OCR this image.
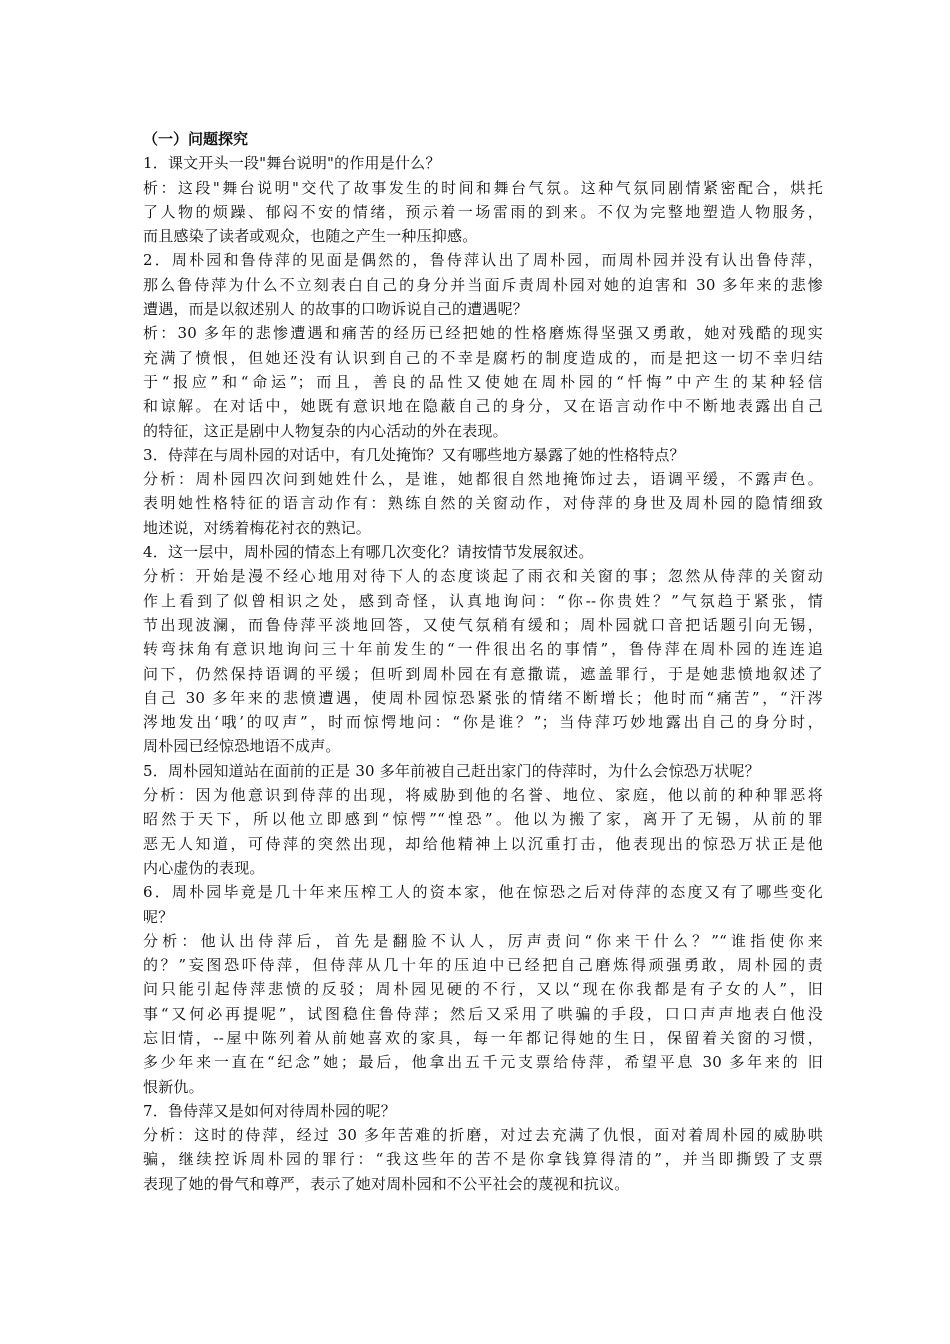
（一）问题探究

1．课文开头一段"舞台说明"的作用是什么？

析：这段"舞台说明"交代了故事发生的时间和舞台气氛。这种气氛同剧情紧密配合，烘托

了人物的烦躁、郁闷不安的情绪，预示着一场雷雨的到来。不仅为完整地塑造人物服务，

而且感染了读者或观众，也随之产生一种压抑感。

2．周朴园和鲁侍萍的见面是偶然的，鲁侍萍认出了周朴园，而周朴园并没有认出鲁侍萍，

那么鲁侍萍为什么不立刻表白自己的身分并当面斥责周朴园对她的迫害和 30 多年来的悲惨

遭遇，而是以叙述别人 的故事的口吻诉说自己的遭遇呢？

析：30 多年的悲惨遭遇和痛苦的经历已经把她的性格磨炼得坚强又勇敢，她对残酷的现实

充满了愤恨，但她还没有认识到自己的不幸是腐朽的制度造成的，而是把这一切不幸归结

于“报应”和“命运”；而且，善良的品性又使她在周朴园的“忏悔”中产生的某种轻信

和谅解。在对话中，她既有意识地在隐蔽自己的身分，又在语言动作中不断地表露出自己

的特征，这正是剧中人物复杂的内心活动的外在表现。

3．侍萍在与周朴园的对话中，有几处掩饰？又有哪些地方暴露了她的性格特点？

分析：周朴园四次问到她姓什么，是谁，她都很自然地掩饰过去，语调平缓，不露声色。

表明她性格特征的语言动作有：熟练自然的关窗动作，对侍萍的身世及周朴园的隐情细致

地述说，对绣着梅花衬衣的熟记。

4．这一层中，周朴园的情态上有哪几次变化？请按情节发展叙述。

分析：开始是漫不经心地用对待下人的态度谈起了雨衣和关窗的事；忽然从侍萍的关窗动

作上看到了似曾相识之处，感到奇怪，认真地询问：“你--你贵姓？”气氛趋于紧张，情

节出现波澜，而鲁侍萍平淡地回答，又使气氛稍有缓和；周朴园就口音把话题引向无锡，

转弯抹角有意识地询问三十年前发生的“一件很出名的事情”，鲁侍萍在周朴园的连连追

问下，仍然保持语调的平缓；但听到周朴园在有意撒谎，遮盖罪行，于是她悲愤地叙述了

自己 30 多年来的悲愤遭遇，使周朴园惊恐紧张的情绪不断增长；他时而“痛苦”，“汗涔

涔地发出‘哦’的叹声”，时而惊愕地问：“你是谁？”；当侍萍巧妙地露出自己的身分时，

周朴园已经惊恐地语不成声。

5．周朴园知道站在面前的正是 30 多年前被自己赶出家门的侍萍时，为什么会惊恐万状呢？

分析：因为他意识到侍萍的出现，将威胁到他的名誉、地位、家庭，他以前的种种罪恶将

昭然于天下，所以他立即感到“惊愕”“惶恐”。他以为搬了家，离开了无锡，从前的罪

恶无人知道，可侍萍的突然出现，却给他精神上以沉重打击，他表现出的惊恐万状正是他

内心虚伪的表现。

6．周朴园毕竟是几十年来压榨工人的资本家，他在惊恐之后对侍萍的态度又有了哪些变化

呢？

分析：他认出侍萍后，首先是翻脸不认人，厉声责问“你来干什么？”“谁指使你来

的？”妄图恐吓侍萍，但侍萍从几十年的压迫中已经把自己磨炼得顽强勇敢，周朴园的责

问只能引起侍萍悲愤的反驳；周朴园见硬的不行，又以“现在你我都是有子女的人”，旧

事“又何必再提呢”，试图稳住鲁侍萍；然后又采用了哄骗的手段，口口声声地表白他没

忘旧情，--屋中陈列着从前她喜欢的家具，每一年都记得她的生日，保留着关窗的习惯，

多少年来一直在“纪念”她；最后，他拿出五千元支票给侍萍，希望平息 30 多年来的 旧

恨新仇。

7．鲁侍萍又是如何对待周朴园的呢？

分析：这时的侍萍，经过 30 多年苦难的折磨，对过去充满了仇恨，面对着周朴园的威胁哄

骗，继续控诉周朴园的罪行：“我这些年的苦不是你拿钱算得清的”，并当即撕毁了支票

表现了她的骨气和尊严，表示了她对周朴园和不公平社会的蔑视和抗议。
